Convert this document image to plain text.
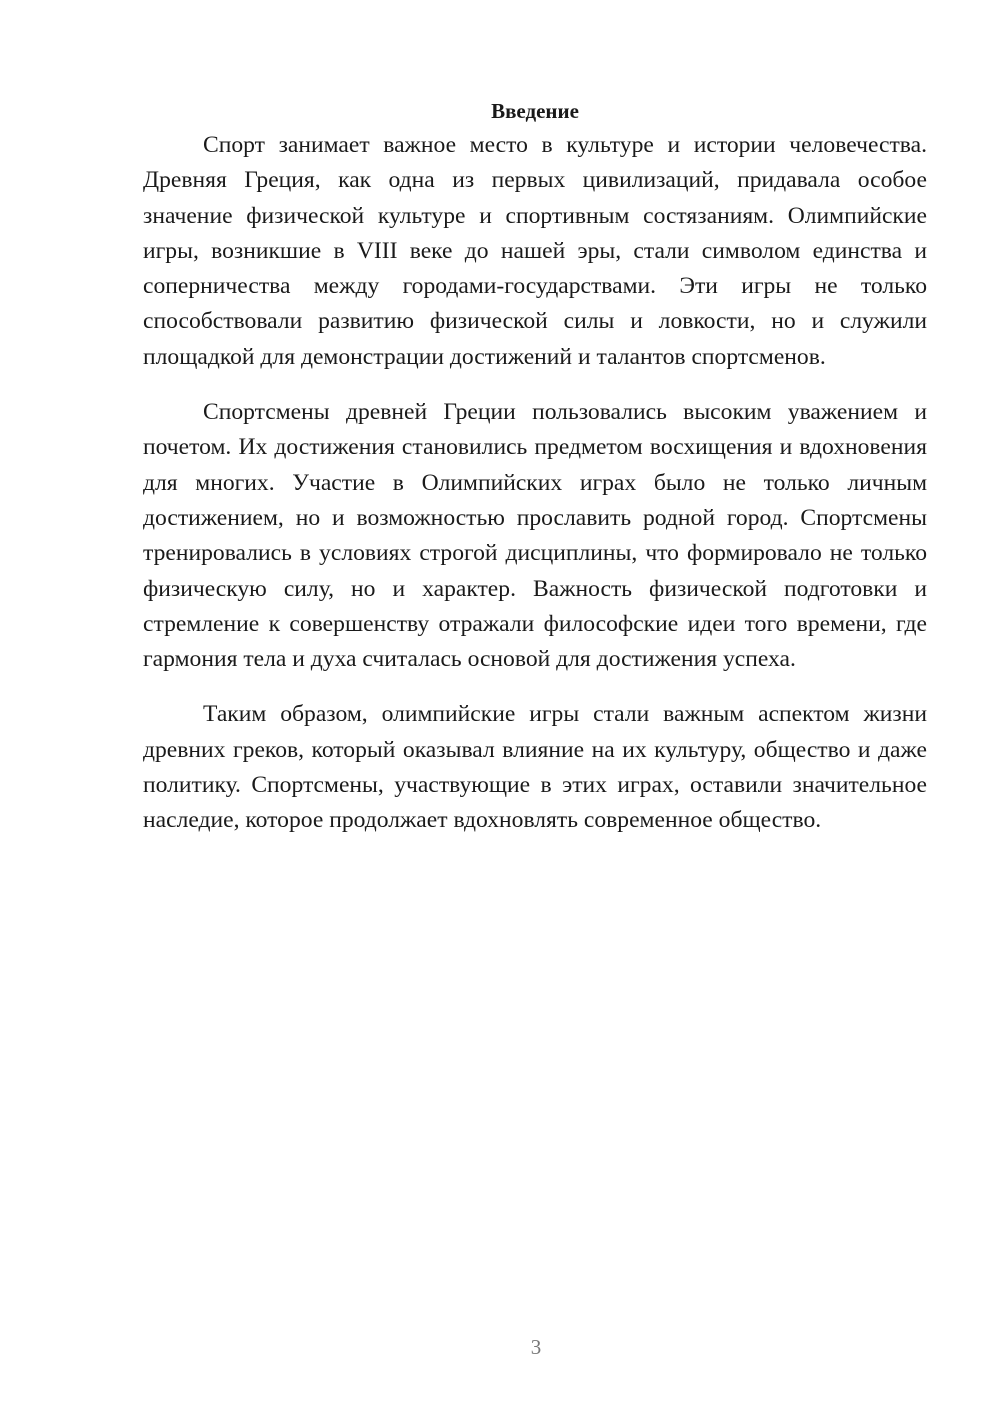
Введение

Спорт занимает важное место в культуре и истории человечества. Древняя Греция, как одна из первых цивилизаций, придавала особое значение физической культуре и спортивным состязаниям. Олимпийские игры, возникшие в VIII веке до нашей эры, стали символом единства и соперничества между городами-государствами. Эти игры не только способствовали развитию физической силы и ловкости, но и служили площадкой для демонстрации достижений и талантов спортсменов.

Спортсмены древней Греции пользовались высоким уважением и почетом. Их достижения становились предметом восхищения и вдохновения для многих. Участие в Олимпийских играх было не только личным достижением, но и возможностью прославить родной город. Спортсмены тренировались в условиях строгой дисциплины, что формировало не только физическую силу, но и характер. Важность физической подготовки и стремление к совершенству отражали философские идеи того времени, где гармония тела и духа считалась основой для достижения успеха.

Таким образом, олимпийские игры стали важным аспектом жизни древних греков, который оказывал влияние на их культуру, общество и даже политику. Спортсмены, участвующие в этих играх, оставили значительное наследие, которое продолжает вдохновлять современное общество.

3
